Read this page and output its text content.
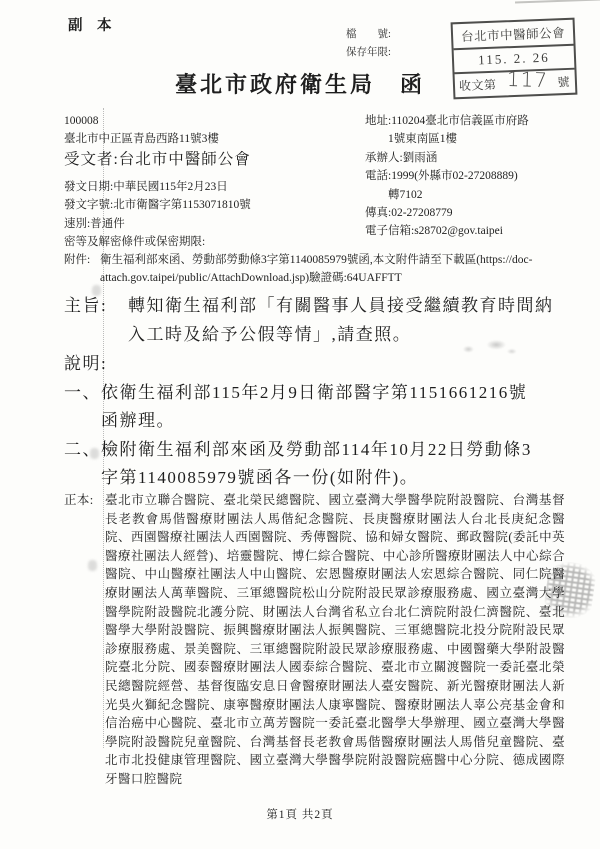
副　本
檔　　號:
保存年限:
台北市中醫師公會
115. 2. 26
收文第 117 號
臺北市政府衛生局　函
100008
臺北市中正區青島西路11號3樓
受文者:台北市中醫師公會
地址:110204臺北市信義區市府路
1號東南區1樓
承辦人:劉雨涵
電話:1999(外縣市02-27208889)
轉7102
傳真:02-27208779
電子信箱:s28702@gov.taipei
發文日期:中華民國115年2月23日
發文字號:北市衛醫字第1153071810號
速別:普通件
密等及解密條件或保密期限:
附件: 衛生福利部來函、勞動部勞動條3字第1140085979號函,本文附件請至下載區(https://doc-attach.gov.taipei/public/AttachDownload.jsp)驗證碼:64UAFFTT
主旨:	轉知衛生福利部「有關醫事人員接受繼續教育時間納入工時及給予公假等情」,請查照。
說明:
一、 依衛生福利部115年2月9日衛部醫字第1151661216號函辦理。
二、 檢附衛生福利部來函及勞動部114年10月22日勞動條3字第1140085979號函各一份(如附件)。
正本: 臺北市立聯合醫院、臺北榮民總醫院、國立臺灣大學醫學院附設醫院、台灣基督長老教會馬偕醫療財團法人馬偕紀念醫院、長庚醫療財團法人台北長庚紀念醫院、西園醫療社團法人西園醫院、秀傳醫院、協和婦女醫院、郵政醫院(委託中英醫療社團法人經營)、培靈醫院、博仁綜合醫院、中心診所醫療財團法人中心綜合醫院、中山醫療社團法人中山醫院、宏恩醫療財團法人宏恩綜合醫院、同仁院醫療財團法人萬華醫院、三軍總醫院松山分院附設民眾診療服務處、國立臺灣大學醫學院附設醫院北護分院、財團法人台灣省私立台北仁濟院附設仁濟醫院、臺北醫學大學附設醫院、振興醫療財團法人振興醫院、三軍總醫院北投分院附設民眾診療服務處、景美醫院、三軍總醫院附設民眾診療服務處、中國醫藥大學附設醫院臺北分院、國泰醫療財團法人國泰綜合醫院、臺北市立關渡醫院一委託臺北榮民總醫院經營、基督復臨安息日會醫療財團法人臺安醫院、新光醫療財團法人新光吳火獅紀念醫院、康寧醫療財團法人康寧醫院、醫療財團法人辜公亮基金會和信治癌中心醫院、臺北市立萬芳醫院一委託臺北醫學大學辦理、國立臺灣大學醫學院附設醫院兒童醫院、台灣基督長老教會馬偕醫療財團法人馬偕兒童醫院、臺北市北投健康管理醫院、國立臺灣大學醫學院附設醫院癌醫中心分院、德成國際牙醫口腔醫院
第1頁 共2頁
